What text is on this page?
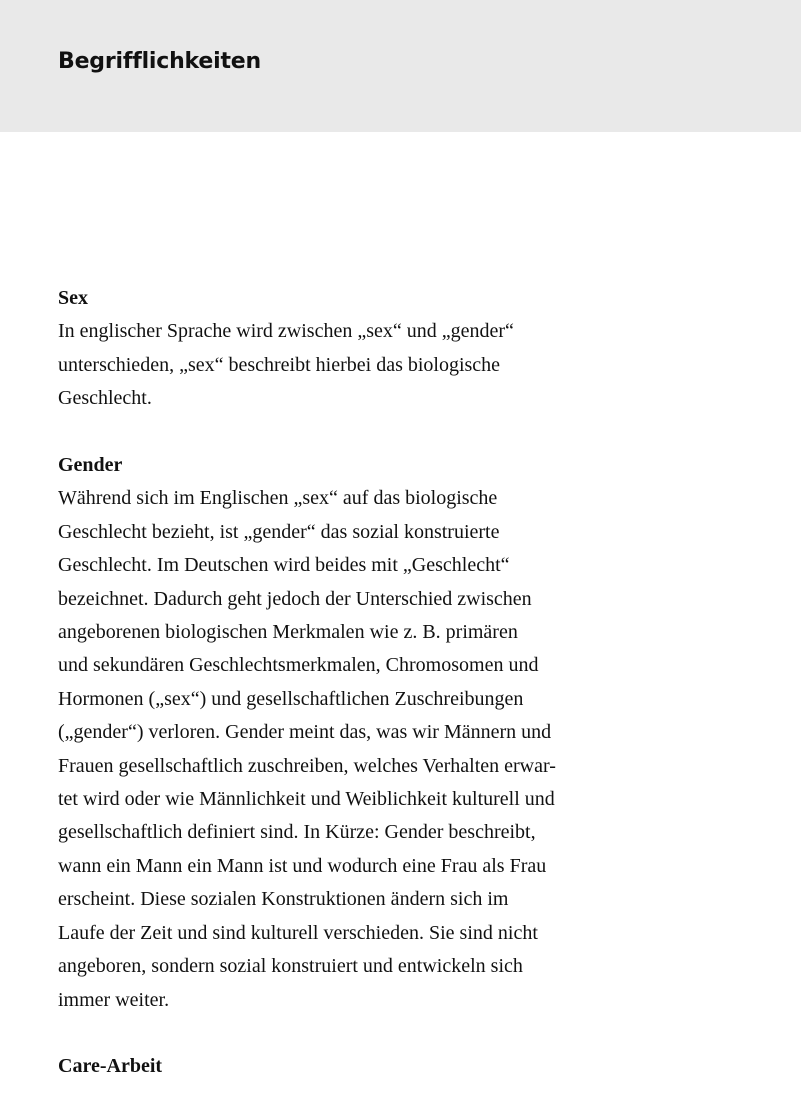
Begrifflichkeiten
Sex
In englischer Sprache wird zwischen „sex“ und „gender“
unterschieden, „sex“ beschreibt hierbei das biologische
Geschlecht.
Gender
Während sich im Englischen „sex“ auf das biologische
Geschlecht bezieht, ist „gender“ das sozial konstruierte
Geschlecht. Im Deutschen wird beides mit „Geschlecht“
bezeichnet. Dadurch geht jedoch der Unterschied zwischen
angeborenen biologischen Merkmalen wie z. B. primären
und sekundären Geschlechtsmerkmalen, Chromosomen und
Hormonen („sex“) und gesellschaftlichen Zuschreibungen
(„gender“) verloren. Gender meint das, was wir Männern und
Frauen gesellschaftlich zuschreiben, welches Verhalten erwar-
tet wird oder wie Männlichkeit und Weiblichkeit kulturell und
gesellschaftlich definiert sind. In Kürze: Gender beschreibt,
wann ein Mann ein Mann ist und wodurch eine Frau als Frau
erscheint. Diese sozialen Konstruktionen ändern sich im
Laufe der Zeit und sind kulturell verschieden. Sie sind nicht
angeboren, sondern sozial konstruiert und entwickeln sich
immer weiter.
Care-Arbeit
